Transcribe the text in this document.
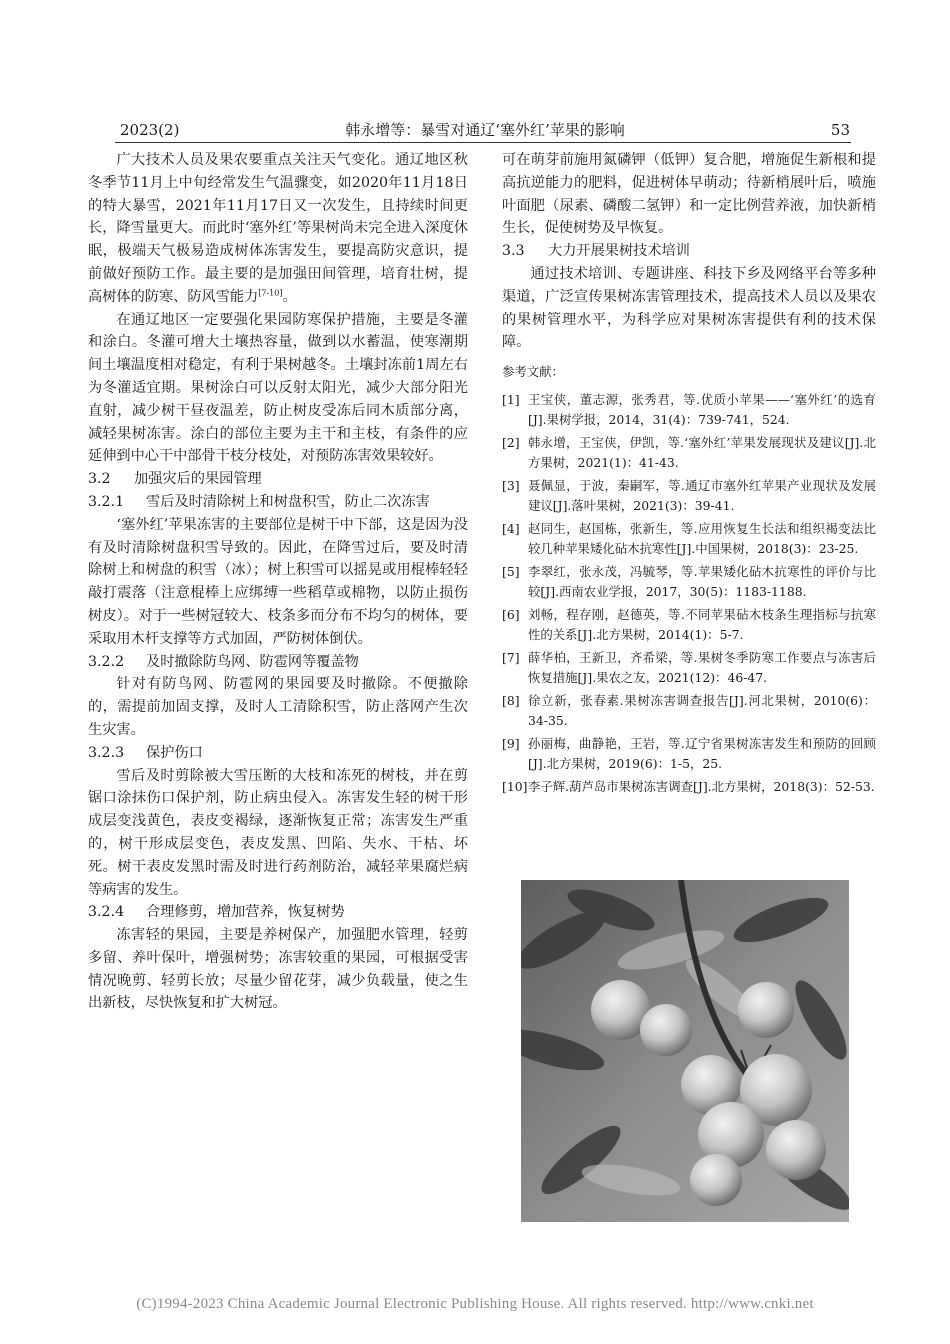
2023(2)	韩永增等：暴雪对通辽‘塞外红’苹果的影响	53

广大技术人员及果农要重点关注天气变化。通辽地区秋冬季节11月上中旬经常发生气温骤变，如2020年11月18日的特大暴雪，2021年11月17日又一次发生，且持续时间更长，降雪量更大。而此时‘塞外红’等果树尚未完全进入深度休眠，极端天气极易造成树体冻害发生，要提高防灾意识，提前做好预防工作。最主要的是加强田间管理，培育壮树，提高树体的防寒、防风雪能力[7-10]。

在通辽地区一定要强化果园防寒保护措施，主要是冬灌和涂白。冬灌可增大土壤热容量，做到以水蓄温，使寒潮期间土壤温度相对稳定，有利于果树越冬。土壤封冻前1周左右为冬灌适宜期。果树涂白可以反射太阳光，减少大部分阳光直射，减少树干昼夜温差，防止树皮受冻后同木质部分离，减轻果树冻害。涂白的部位主要为主干和主枝，有条件的应延伸到中心干中部骨干枝分枝处，对预防冻害效果较好。

3.2 加强灾后的果园管理
3.2.1 雪后及时清除树上和树盘积雪，防止二次冻害

‘塞外红’苹果冻害的主要部位是树干中下部，这是因为没有及时清除树盘积雪导致的。因此，在降雪过后，要及时清除树上和树盘的积雪（冰）；树上积雪可以摇晃或用棍棒轻轻敲打震落（注意棍棒上应绑缚一些稻草或棉物，以防止损伤树皮）。对于一些树冠较大、枝条多而分布不均匀的树体，要采取用木杆支撑等方式加固，严防树体倒伏。

3.2.2 及时撤除防鸟网、防雹网等覆盖物

针对有防鸟网、防雹网的果园要及时撤除。不便撤除的，需提前加固支撑，及时人工清除积雪，防止落网产生次生灾害。

3.2.3 保护伤口

雪后及时剪除被大雪压断的大枝和冻死的树枝，并在剪锯口涂抹伤口保护剂，防止病虫侵入。冻害发生轻的树干形成层变浅黄色，表皮变褐绿，逐渐恢复正常；冻害发生严重的，树干形成层变色，表皮发黑、凹陷、失水、干枯、坏死。树干表皮发黑时需及时进行药剂防治，减轻苹果腐烂病等病害的发生。

3.2.4 合理修剪，增加营养，恢复树势

冻害轻的果园，主要是养树保产，加强肥水管理，轻剪多留、养叶保叶，增强树势；冻害较重的果园，可根据受害情况晚剪、轻剪长放；尽量少留花芽，减少负载量，使之生出新枝，尽快恢复和扩大树冠。

可在萌芽前施用氮磷钾（低钾）复合肥，增施促生新根和提高抗逆能力的肥料，促进树体早萌动；待新梢展叶后，喷施叶面肥（尿素、磷酸二氢钾）和一定比例营养液，加快新梢生长，促使树势及早恢复。

3.3 大力开展果树技术培训

通过技术培训、专题讲座、科技下乡及网络平台等多种渠道，广泛宣传果树冻害管理技术，提高技术人员以及果农的果树管理水平，为科学应对果树冻害提供有利的技术保障。

参考文献：
[1] 王宝侠，董志源，张秀君，等.优质小苹果——‘塞外红’的选育[J].果树学报，2014，31(4)：739-741，524.
[2] 韩永增，王宝侠，伊凯，等.‘塞外红’苹果发展现状及建议[J].北方果树，2021(1)：41-43.
[3] 聂佩显，于波，秦嗣军，等.通辽市塞外红苹果产业现状及发展建议[J].落叶果树，2021(3)：39-41.
[4] 赵同生，赵国栋，张新生，等.应用恢复生长法和组织褐变法比较几种苹果矮化砧木抗寒性[J].中国果树，2018(3)：23-25.
[5] 李翠红，张永茂，冯毓琴，等.苹果矮化砧木抗寒性的评价与比较[J].西南农业学报，2017，30(5)：1183-1188.
[6] 刘畅，程存刚，赵德英，等.不同苹果砧木枝条生理指标与抗寒性的关系[J].北方果树，2014(1)：5-7.
[7] 薛华柏，王新卫，齐希梁，等.果树冬季防寒工作要点与冻害后恢复措施[J].果农之友，2021(12)：46-47.
[8] 徐立新，张春素.果树冻害调查报告[J].河北果树，2010(6)：34-35.
[9] 孙丽梅，曲静艳，王岩，等.辽宁省果树冻害发生和预防的回顾[J].北方果树，2019(6)：1-5，25.
[10] 李子辉.葫芦岛市果树冻害调查[J].北方果树，2018(3)：52-53.
(C)1994-2023 China Academic Journal Electronic Publishing House. All rights reserved. http://www.cnki.net
